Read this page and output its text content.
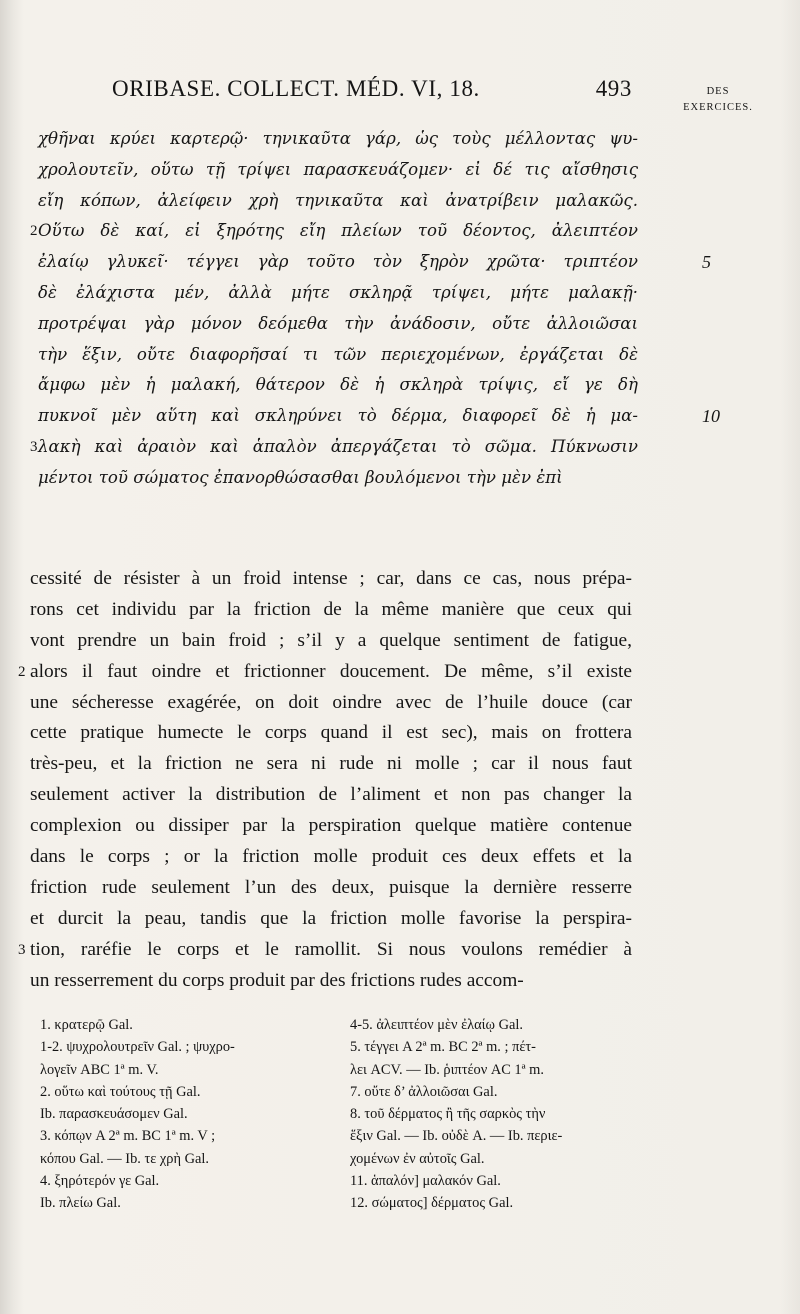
ORIBASE. COLLECT. MÉD. VI, 18.	493	DES
EXERCICES.
χθῆναι κρύει καρτερῷ· τηνικαῦτα γάρ, ὡς τοὺς μέλλοντας ψυ-
χρολουτεῖν, οὕτω τῇ τρίψει παρασκευάζομεν· εἰ δέ τις αἴσθησις
εἴη κόπων, ἀλείφειν χρὴ τηνικαῦτα καὶ ἀνατρίβειν μαλακῶς.
2 Οὕτω δὲ καί, εἰ ξηρότης εἴη πλείων τοῦ δέοντος, ἀλειπτέον
ἐλαίῳ γλυκεῖ· τέγγει γὰρ τοῦτο τὸν ξηρὸν χρῶτα· τριπτέον	5
δὲ ἐλάχιστα μέν, ἀλλὰ μήτε σκληρᾷ τρίψει, μήτε μαλακῇ·
προτρέψαι γὰρ μόνον δεόμεθα τὴν ἀνάδοσιν, οὔτε ἀλλοιῶσαι
τὴν ἕξιν, οὔτε διαφορῆσαί τι τῶν περιεχομένων, ἐργάζεται δὲ
ἄμφω μὲν ἡ μαλακή, θάτερον δὲ ἡ σκληρὰ τρίψις, εἴ γε δὴ
πυκνοῖ μὲν αὕτη καὶ σκληρύνει τὸ δέρμα, διαφορεῖ δὲ ἡ μα-	10
3 λακὴ καὶ ἀραιὸν καὶ ἁπαλὸν ἀπεργάζεται τὸ σῶμα. Πύκνωσιν
μέντοι τοῦ σώματος ἐπανορθώσασθαι βουλόμενοι τὴν μὲν ἐπὶ
cessité de résister à un froid intense ; car, dans ce cas, nous prépa-
rons cet individu par la friction de la même manière que ceux qui
vont prendre un bain froid ; s’il y a quelque sentiment de fatigue,
2 alors il faut oindre et frictionner doucement. De même, s’il existe
une sécheresse exagérée, on doit oindre avec de l’huile douce (car
cette pratique humecte le corps quand il est sec), mais on frottera
très-peu, et la friction ne sera ni rude ni molle ; car il nous faut
seulement activer la distribution de l’aliment et non pas changer la
complexion ou dissiper par la perspiration quelque matière contenue
dans le corps ; or la friction molle produit ces deux effets et la
friction rude seulement l’un des deux, puisque la dernière resserre
et durcit la peau, tandis que la friction molle favorise la perspira-
3 tion, raréfie le corps et le ramollit. Si nous voulons remédier à
un resserrement du corps produit par des frictions rudes accom-
1. κρατερῷ Gal.
1-2. ψυχρολουτρεῖν Gal. ; ψυχρο-
λογεῖν ABC 1ª m. V.
2. οὕτω καὶ τούτους τῇ Gal.
Ib. παρασκευάσομεν Gal.
3. κόπῳν A 2ª m. BC 1ª m. V ;
κόπου Gal. — Ib. τε χρὴ Gal.
4. ξηρότερόν γε Gal.
Ib. πλείω Gal.
4-5. ἀλειπτέον μὲν ἐλαίῳ Gal.
5. τέγγει A 2ª m. BC 2ª m. ; πέτ-
λει ACV. — Ib. ῥιπτέον AC 1ª m.
7. οὔτε δ’ ἀλλοιῶσαι Gal.
8. τοῦ δέρματος ἢ τῆς σαρκὸς τὴν
ἕξιν Gal. — Ib. οὐδὲ A. — Ib. περιε-
χομένων ἐν αὐτοῖς Gal.
11. ἁπαλόν] μαλακόν Gal.
12. σώματος] δέρματος Gal.
